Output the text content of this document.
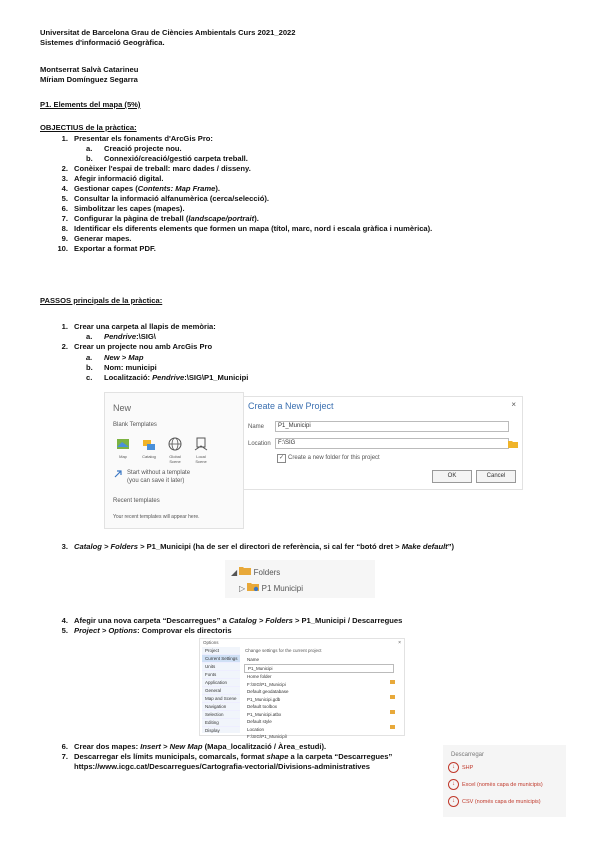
Universitat de Barcelona Grau de Ciències Ambientals Curs 2021_2022
Sistemes d'informació Geogràfica.
Montserrat Salvà Catarineu
Míriam Domínguez Segarra
P1. Elements del mapa (5%)
OBJECTIUS de la pràctica:
1. Presentar els fonaments d'ArcGis Pro:
a. Creació projecte nou.
b. Connexió/creació/gestió carpeta treball.
2. Conèixer l'espai de treball: marc dades / disseny.
3. Afegir informació digital.
4. Gestionar capes (Contents: Map Frame).
5. Consultar la informació alfanumèrica (cerca/selecció).
6. Simbolitzar les capes (mapes).
7. Configurar la pàgina de treball (landscape/portrait).
8. Identificar els diferents elements que formen un mapa (títol, marc, nord i escala gràfica i numèrica).
9. Generar mapes.
10. Exportar a format PDF.
PASSOS principals de la pràctica:
1. Crear una carpeta al llapis de memòria:
a. Pendrive:\SIG\
2. Crear un projecte nou amb ArcGis Pro
a. New > Map
b. Nom: municipi
c. Localització: Pendrive:\SIG\P1_Municipi
New
Blank Templates
Map	Catalog	Global Scene
Local Scene
Start without a template (you can save it later)
Recent templates
Your recent templates will appear here.
Create a New Project	×
Name	P1_Municipi
Location	F:\SIG
✓ Create a new folder for this project
OK	Cancel
3. Catalog > Folders > P1_Municipi (ha de ser el directori de referència, si cal fer “botó dret > Make default”)
◢ Folders
▷ P1 Municipi
4. Afegir una nova carpeta “Descarregues” a Catalog > Folders > P1_Municipi / Descarregues
5. Project > Options: Comprovar els directoris
Options	×
Project
Current Settings
Units
Fonts
Application
General
Map and Scene
Navigation
Selection
Editing
Display
Change settings for the current project
Name
P1_Municipi
Home folder
F:\SIG\P1_Municipi
Default geodatabase
P1_Municipi.gdb
Default toolbox
P1_Municipi.atbx
Default style
Location
F:\SIG\P1_Municipi\
6. Crear dos mapes: Insert > New Map (Mapa_localització / Àrea_estudi).
7. Descarregar els límits municipals, comarcals, format shape a la carpeta “Descarregues”
https://www.icgc.cat/Descarregues/Cartografia-vectorial/Divisions-administratives
Descarregar
↓ SHP
↓ Excel (nomès capa de municipis)
↓ CSV (només capa de municipis)
